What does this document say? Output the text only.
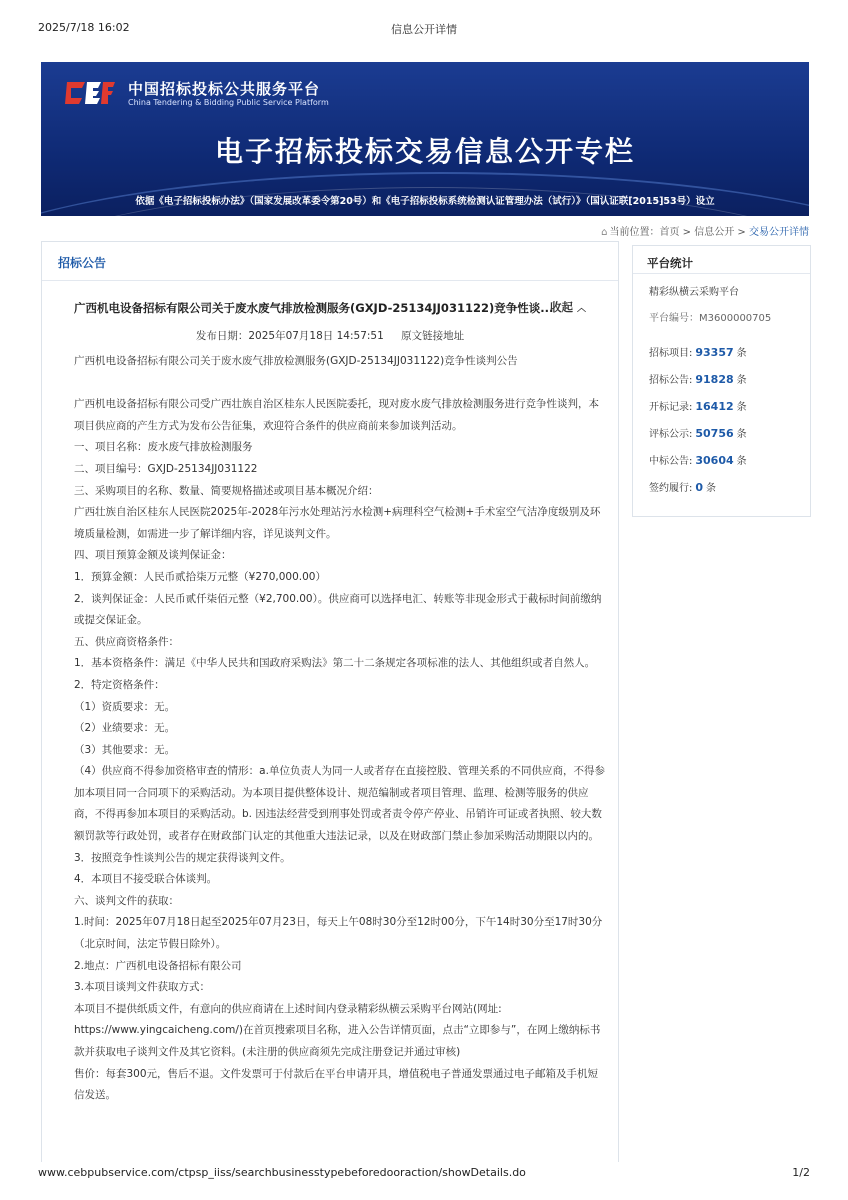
2025/7/18 16:02	信息公开详情
中国招标投标公共服务平台
China Tendering & Bidding Public Service Platform
电子招标投标交易信息公开专栏
依据《电子招标投标办法》（国家发展改革委令第20号）和《电子招标投标系统检测认证管理办法（试行）》（国认证联[2015]53号）设立
⌂ 当前位置：首页 > 信息公开 > 交易公开详情
招标公告
广西机电设备招标有限公司关于废水废气排放检测服务(GXJD-25134JJ031122)竞争性谈...
收起 ︿
发布日期：2025年07月18日 14:57:51 原文链接地址

广西机电设备招标有限公司关于废水废气排放检测服务(GXJD-25134JJ031122)竞争性谈判公告

广西机电设备招标有限公司受广西壮族自治区桂东人民医院委托，现对废水废气排放检测服务进行竞争性谈判，本项目供应商的产生方式为发布公告征集，欢迎符合条件的供应商前来参加谈判活动。

一、项目名称：废水废气排放检测服务

二、项目编号：GXJD-25134JJ031122

三、采购项目的名称、数量、简要规格描述或项目基本概况介绍：

广西壮族自治区桂东人民医院2025年-2028年污水处理站污水检测+病理科空气检测+手术室空气洁净度级别及环境质量检测，如需进一步了解详细内容，详见谈判文件。

四、项目预算金额及谈判保证金：

1．预算金额：人民币贰拾柒万元整（¥270,000.00）

2．谈判保证金：人民币贰仟柒佰元整（¥2,700.00）。供应商可以选择电汇、转账等非现金形式于截标时间前缴纳或提交保证金。

五、供应商资格条件：

1．基本资格条件：满足《中华人民共和国政府采购法》第二十二条规定各项标准的法人、其他组织或者自然人。

2．特定资格条件：

（1）资质要求：无。

（2）业绩要求：无。

（3）其他要求：无。

（4）供应商不得参加资格审查的情形：a.单位负责人为同一人或者存在直接控股、管理关系的不同供应商，不得参加本项目同一合同项下的采购活动。为本项目提供整体设计、规范编制或者项目管理、监理、检测等服务的供应商，不得再参加本项目的采购活动。b. 因违法经营受到刑事处罚或者责令停产停业、吊销许可证或者执照、较大数额罚款等行政处罚，或者存在财政部门认定的其他重大违法记录，以及在财政部门禁止参加采购活动期限以内的。

3．按照竞争性谈判公告的规定获得谈判文件。

4．本项目不接受联合体谈判。

六、谈判文件的获取：

1.时间：2025年07月18日起至2025年07月23日，每天上午08时30分至12时00分，下午14时30分至17时30分（北京时间，法定节假日除外）。

2.地点：广西机电设备招标有限公司

3.本项目谈判文件获取方式：

本项目不提供纸质文件，有意向的供应商请在上述时间内登录精彩纵横云采购平台网站(网址: https://www.yingcaicheng.com/)在首页搜索项目名称，进入公告详情页面，点击“立即参与”，在网上缴纳标书款并获取电子谈判文件及其它资料。(未注册的供应商须先完成注册登记并通过审核)

售价：每套300元，售后不退。文件发票可于付款后在平台申请开具，增值税电子普通发票通过电子邮箱及手机短信发送。

平台统计
精彩纵横云采购平台
平台编号：M3600000705
招标项目: 93357 条
招标公告: 91828 条
开标记录: 16412 条
评标公示: 50756 条
中标公告: 30604 条
签约履行: 0 条
www.cebpubservice.com/ctpsp_iiss/searchbusinesstypebeforedooraction/showDetails.do	1/2
